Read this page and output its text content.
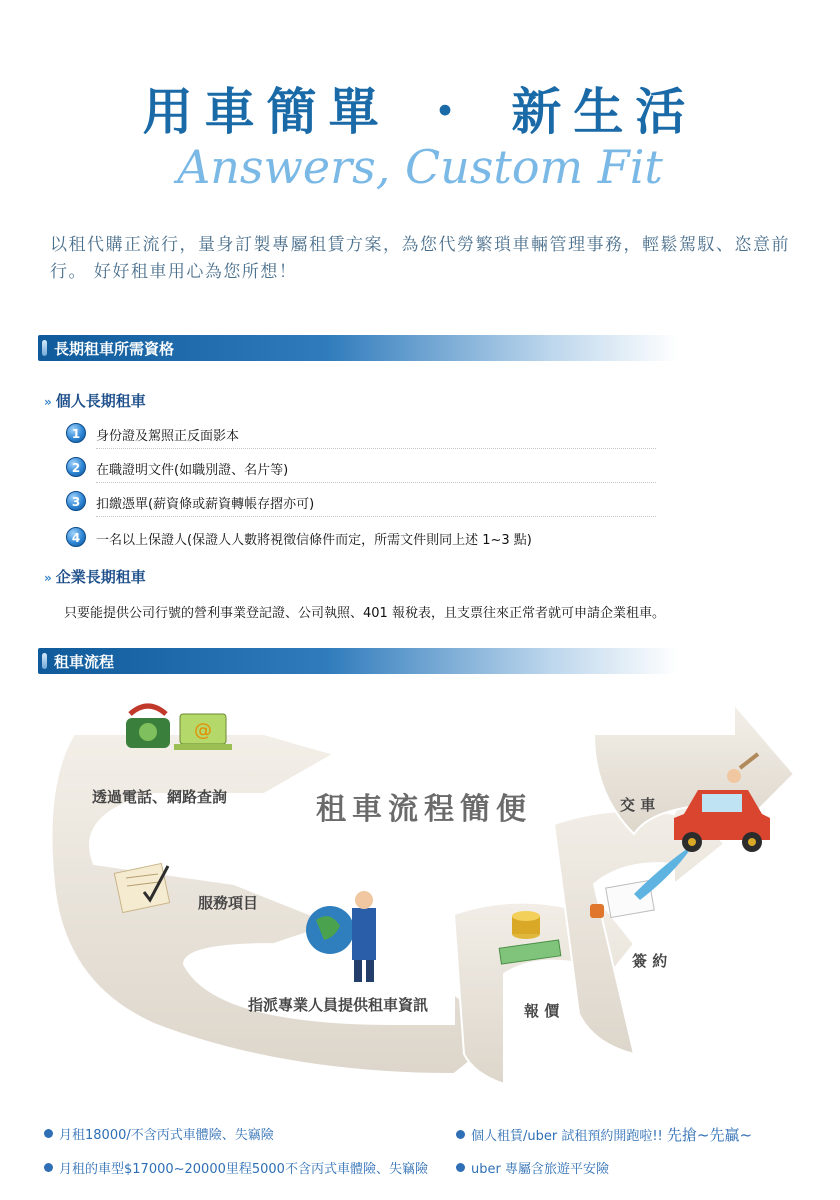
用車簡單 ・ 新生活
Answers, Custom Fit
以租代購正流行，量身訂製專屬租賃方案，為您代勞繁瑣車輛管理事務，輕鬆駕馭、恣意前行。 好好租車用心為您所想！
長期租車所需資格
» 個人長期租車
1	身份證及駕照正反面影本
2	在職證明文件(如職別證、名片等)
3	扣繳憑單(薪資條或薪資轉帳存摺亦可)
4	一名以上保證人(保證人人數將視徵信條件而定，所需文件則同上述 1~3 點)
» 企業長期租車
只要能提供公司行號的營利事業登記證、公司執照、401 報稅表，且支票往來正常者就可申請企業租車。
租車流程
@
租車流程簡便
透過電話、網路查詢
服務項目
指派專業人員提供租車資訊	報 價
簽 約
交 車
月租18000/不含丙式車體險、失竊險
月租的車型$17000~20000里程5000不含丙式車體險、失竊險
個人租賃/uber 試租預約開跑啦!! 先搶~先贏~
uber 專屬含旅遊平安險
